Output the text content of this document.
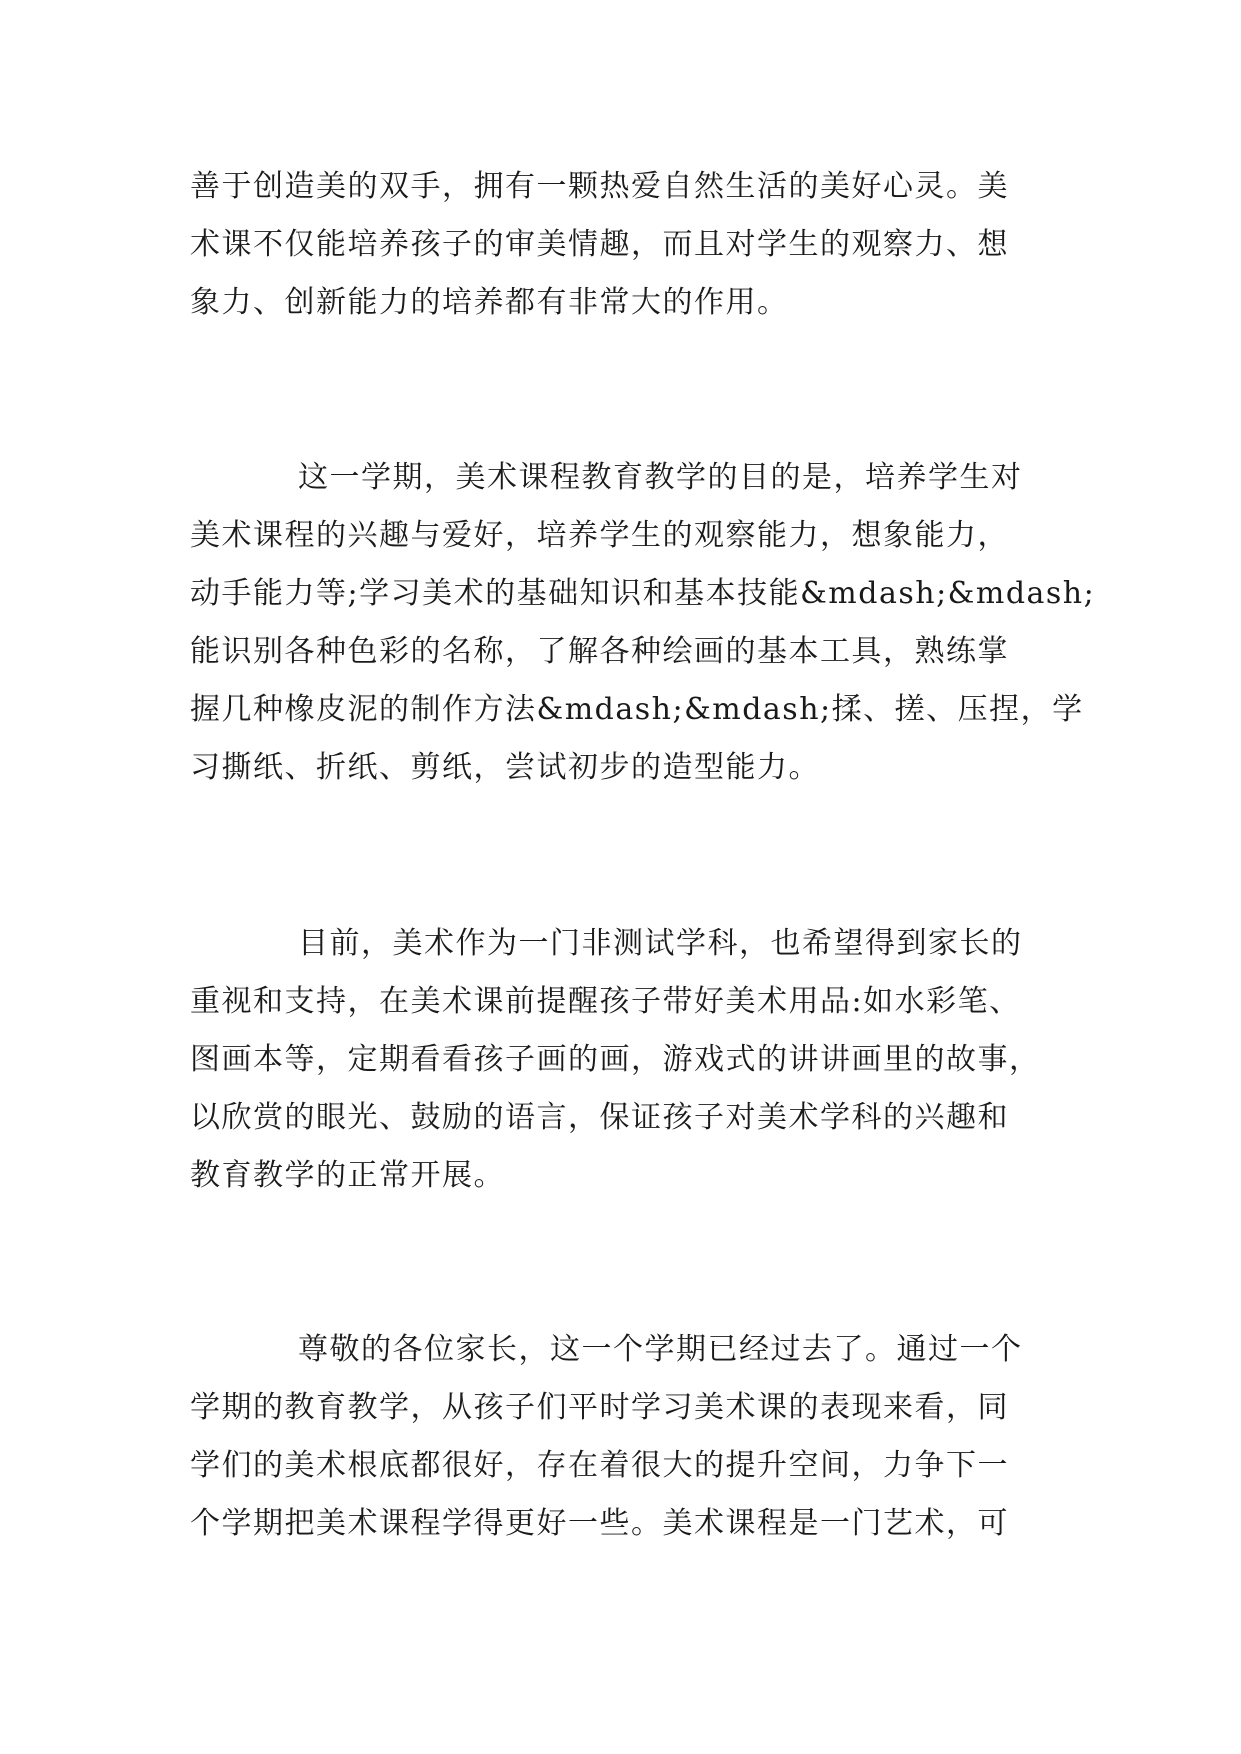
善于创造美的双手，拥有一颗热爱自然生活的美好心灵。美
术课不仅能培养孩子的审美情趣，而且对学生的观察力、想
象力、创新能力的培养都有非常大的作用。

这一学期，美术课程教育教学的目的是，培养学生对
美术课程的兴趣与爱好，培养学生的观察能力，想象能力，
动手能力等;学习美术的基础知识和基本技能&mdash;&mdash;
能识别各种色彩的名称，了解各种绘画的基本工具，熟练掌
握几种橡皮泥的制作方法&mdash;&mdash;揉、搓、压捏，学
习撕纸、折纸、剪纸，尝试初步的造型能力。

目前，美术作为一门非测试学科，也希望得到家长的
重视和支持，在美术课前提醒孩子带好美术用品:如水彩笔、
图画本等，定期看看孩子画的画，游戏式的讲讲画里的故事，
以欣赏的眼光、鼓励的语言，保证孩子对美术学科的兴趣和
教育教学的正常开展。

尊敬的各位家长，这一个学期已经过去了。通过一个
学期的教育教学，从孩子们平时学习美术课的表现来看，同
学们的美术根底都很好，存在着很大的提升空间，力争下一
个学期把美术课程学得更好一些。美术课程是一门艺术，可
